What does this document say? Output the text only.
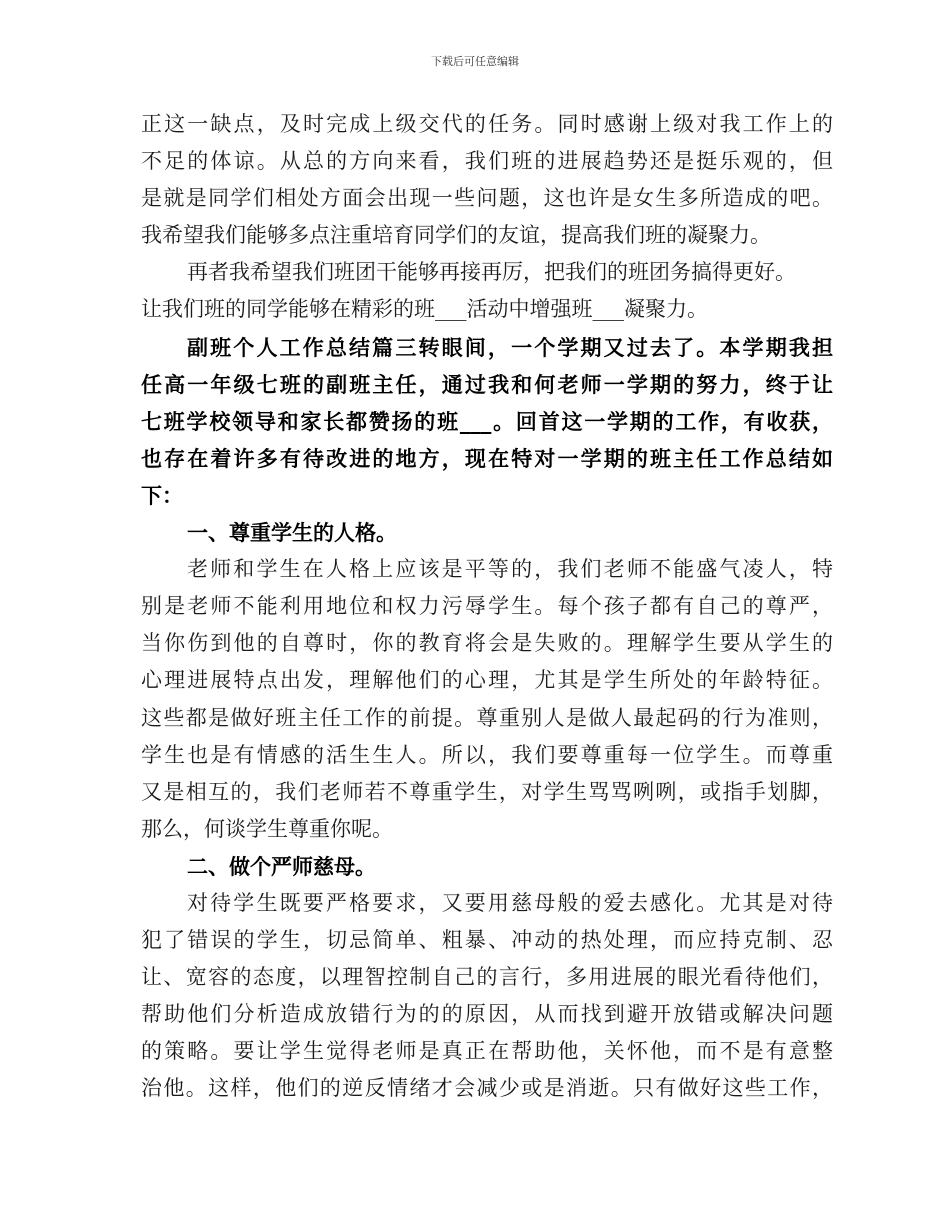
下载后可任意编辑
正这一缺点，及时完成上级交代的任务。同时感谢上级对我工作上的
不足的体谅。从总的方向来看，我们班的进展趋势还是挺乐观的，但
是就是同学们相处方面会出现一些问题，这也许是女生多所造成的吧。
我希望我们能够多点注重培育同学们的友谊，提高我们班的凝聚力。
再者我希望我们班团干能够再接再厉，把我们的班团务搞得更好。
让我们班的同学能够在精彩的班___活动中增强班___凝聚力。
副班个人工作总结篇三转眼间，一个学期又过去了。本学期我担
任高一年级七班的副班主任，通过我和何老师一学期的努力，终于让
七班学校领导和家长都赞扬的班___。回首这一学期的工作，有收获，
也存在着许多有待改进的地方，现在特对一学期的班主任工作总结如
下：
一、尊重学生的人格。
老师和学生在人格上应该是平等的，我们老师不能盛气凌人，特
别是老师不能利用地位和权力污辱学生。每个孩子都有自己的尊严，
当你伤到他的自尊时，你的教育将会是失败的。理解学生要从学生的
心理进展特点出发，理解他们的心理，尤其是学生所处的年龄特征。
这些都是做好班主任工作的前提。尊重别人是做人最起码的行为准则，
学生也是有情感的活生生人。所以，我们要尊重每一位学生。而尊重
又是相互的，我们老师若不尊重学生，对学生骂骂咧咧，或指手划脚，
那么，何谈学生尊重你呢。
二、做个严师慈母。
对待学生既要严格要求，又要用慈母般的爱去感化。尤其是对待
犯了错误的学生，切忌简单、粗暴、冲动的热处理，而应持克制、忍
让、宽容的态度，以理智控制自己的言行，多用进展的眼光看待他们，
帮助他们分析造成放错行为的的原因，从而找到避开放错或解决问题
的策略。要让学生觉得老师是真正在帮助他，关怀他，而不是有意整
治他。这样，他们的逆反情绪才会减少或是消逝。只有做好这些工作，
